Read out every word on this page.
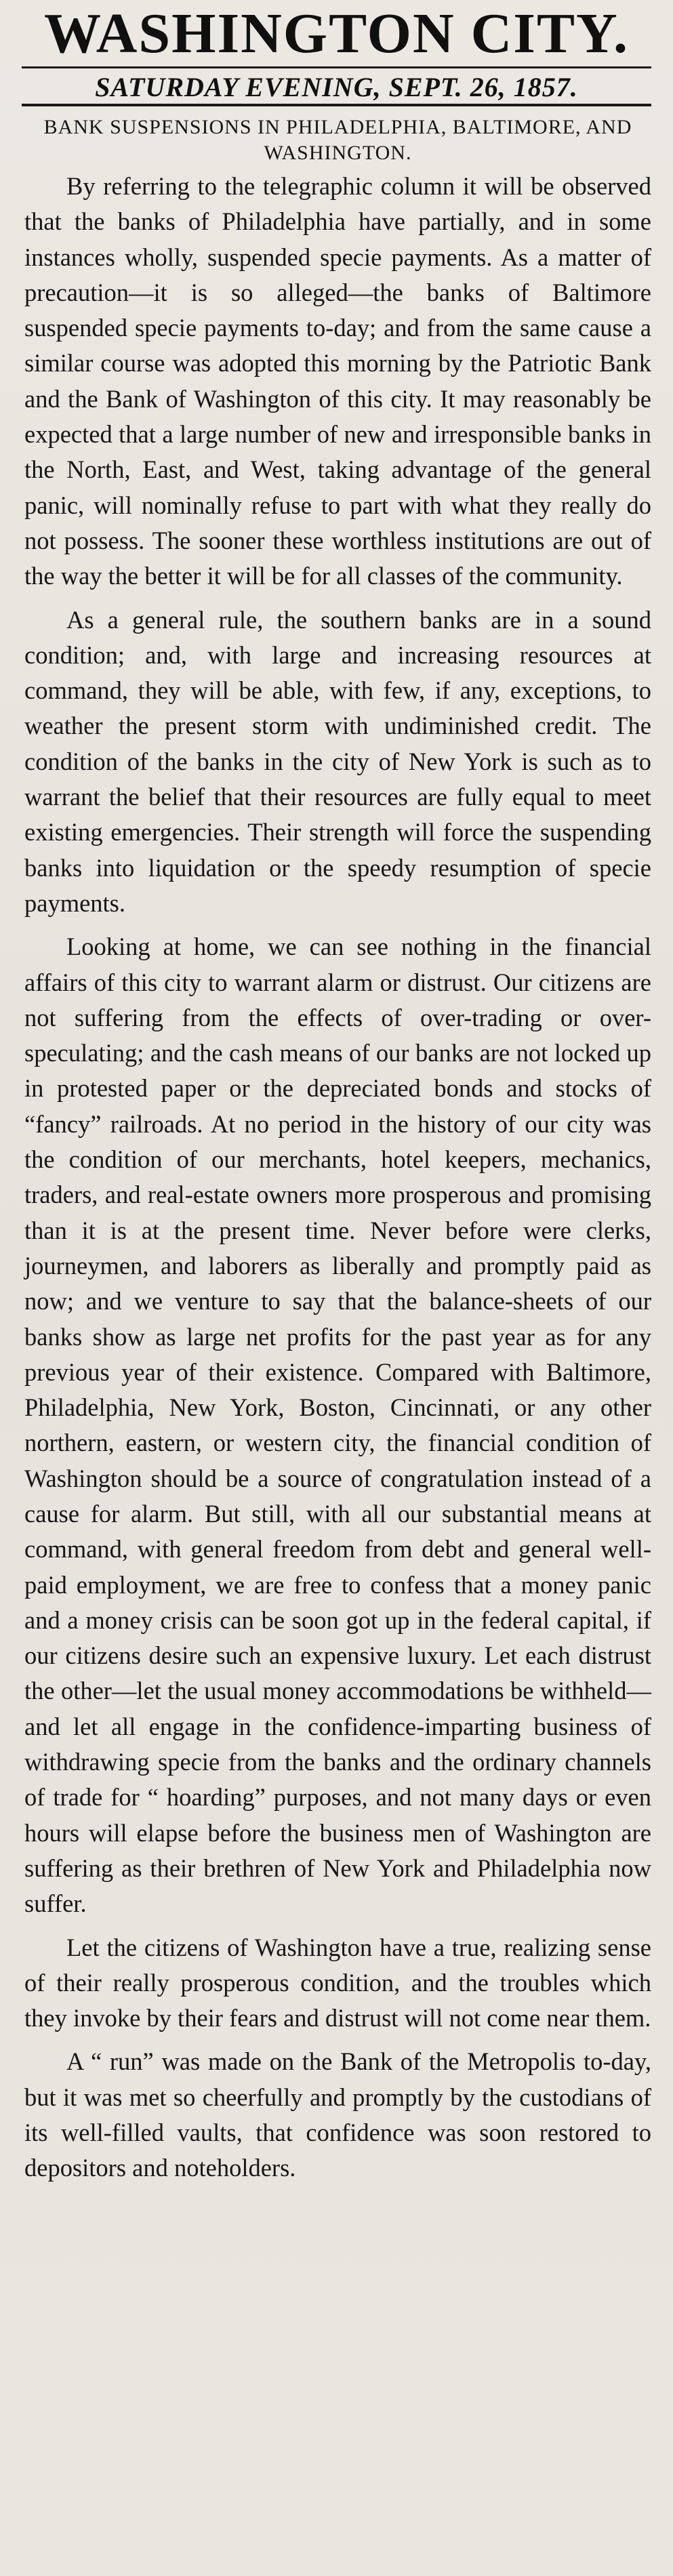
WASHINGTON CITY.
SATURDAY EVENING, SEPT. 26, 1857.
BANK SUSPENSIONS IN PHILADELPHIA, BALTIMORE, AND WASHINGTON.

By referring to the telegraphic column it will be observed that the banks of Philadelphia have partially, and in some instances wholly, suspended specie payments. As a matter of precaution—it is so alleged—the banks of Baltimore suspended specie payments to-day; and from the same cause a similar course was adopted this morning by the Patriotic Bank and the Bank of Washington of this city. It may reasonably be expected that a large number of new and irresponsible banks in the North, East, and West, taking advantage of the general panic, will nominally refuse to part with what they really do not possess. The sooner these worthless institutions are out of the way the better it will be for all classes of the community.

As a general rule, the southern banks are in a sound condition; and, with large and increasing resources at command, they will be able, with few, if any, exceptions, to weather the present storm with undiminished credit. The condition of the banks in the city of New York is such as to warrant the belief that their resources are fully equal to meet existing emergencies. Their strength will force the suspending banks into liquidation or the speedy resumption of specie payments.

Looking at home, we can see nothing in the financial affairs of this city to warrant alarm or distrust. Our citizens are not suffering from the effects of over-trading or over-speculating; and the cash means of our banks are not locked up in protested paper or the depreciated bonds and stocks of “fancy” railroads. At no period in the history of our city was the condition of our merchants, hotel keepers, mechanics, traders, and real-estate owners more prosperous and promising than it is at the present time. Never before were clerks, journeymen, and laborers as liberally and promptly paid as now; and we venture to say that the balance-sheets of our banks show as large net profits for the past year as for any previous year of their existence. Compared with Baltimore, Philadelphia, New York, Boston, Cincinnati, or any other northern, eastern, or western city, the financial condition of Washington should be a source of congratulation instead of a cause for alarm. But still, with all our substantial means at command, with general freedom from debt and general well-paid employment, we are free to confess that a money panic and a money crisis can be soon got up in the federal capital, if our citizens desire such an expensive luxury. Let each distrust the other—let the usual money accommodations be withheld—and let all engage in the confidence-imparting business of withdrawing specie from the banks and the ordinary channels of trade for “ hoarding” purposes, and not many days or even hours will elapse before the business men of Washington are suffering as their brethren of New York and Philadelphia now suffer.

Let the citizens of Washington have a true, realizing sense of their really prosperous condition, and the troubles which they invoke by their fears and distrust will not come near them.

A “ run” was made on the Bank of the Metropolis to-day, but it was met so cheerfully and promptly by the custodians of its well-filled vaults, that confidence was soon restored to depositors and noteholders.
